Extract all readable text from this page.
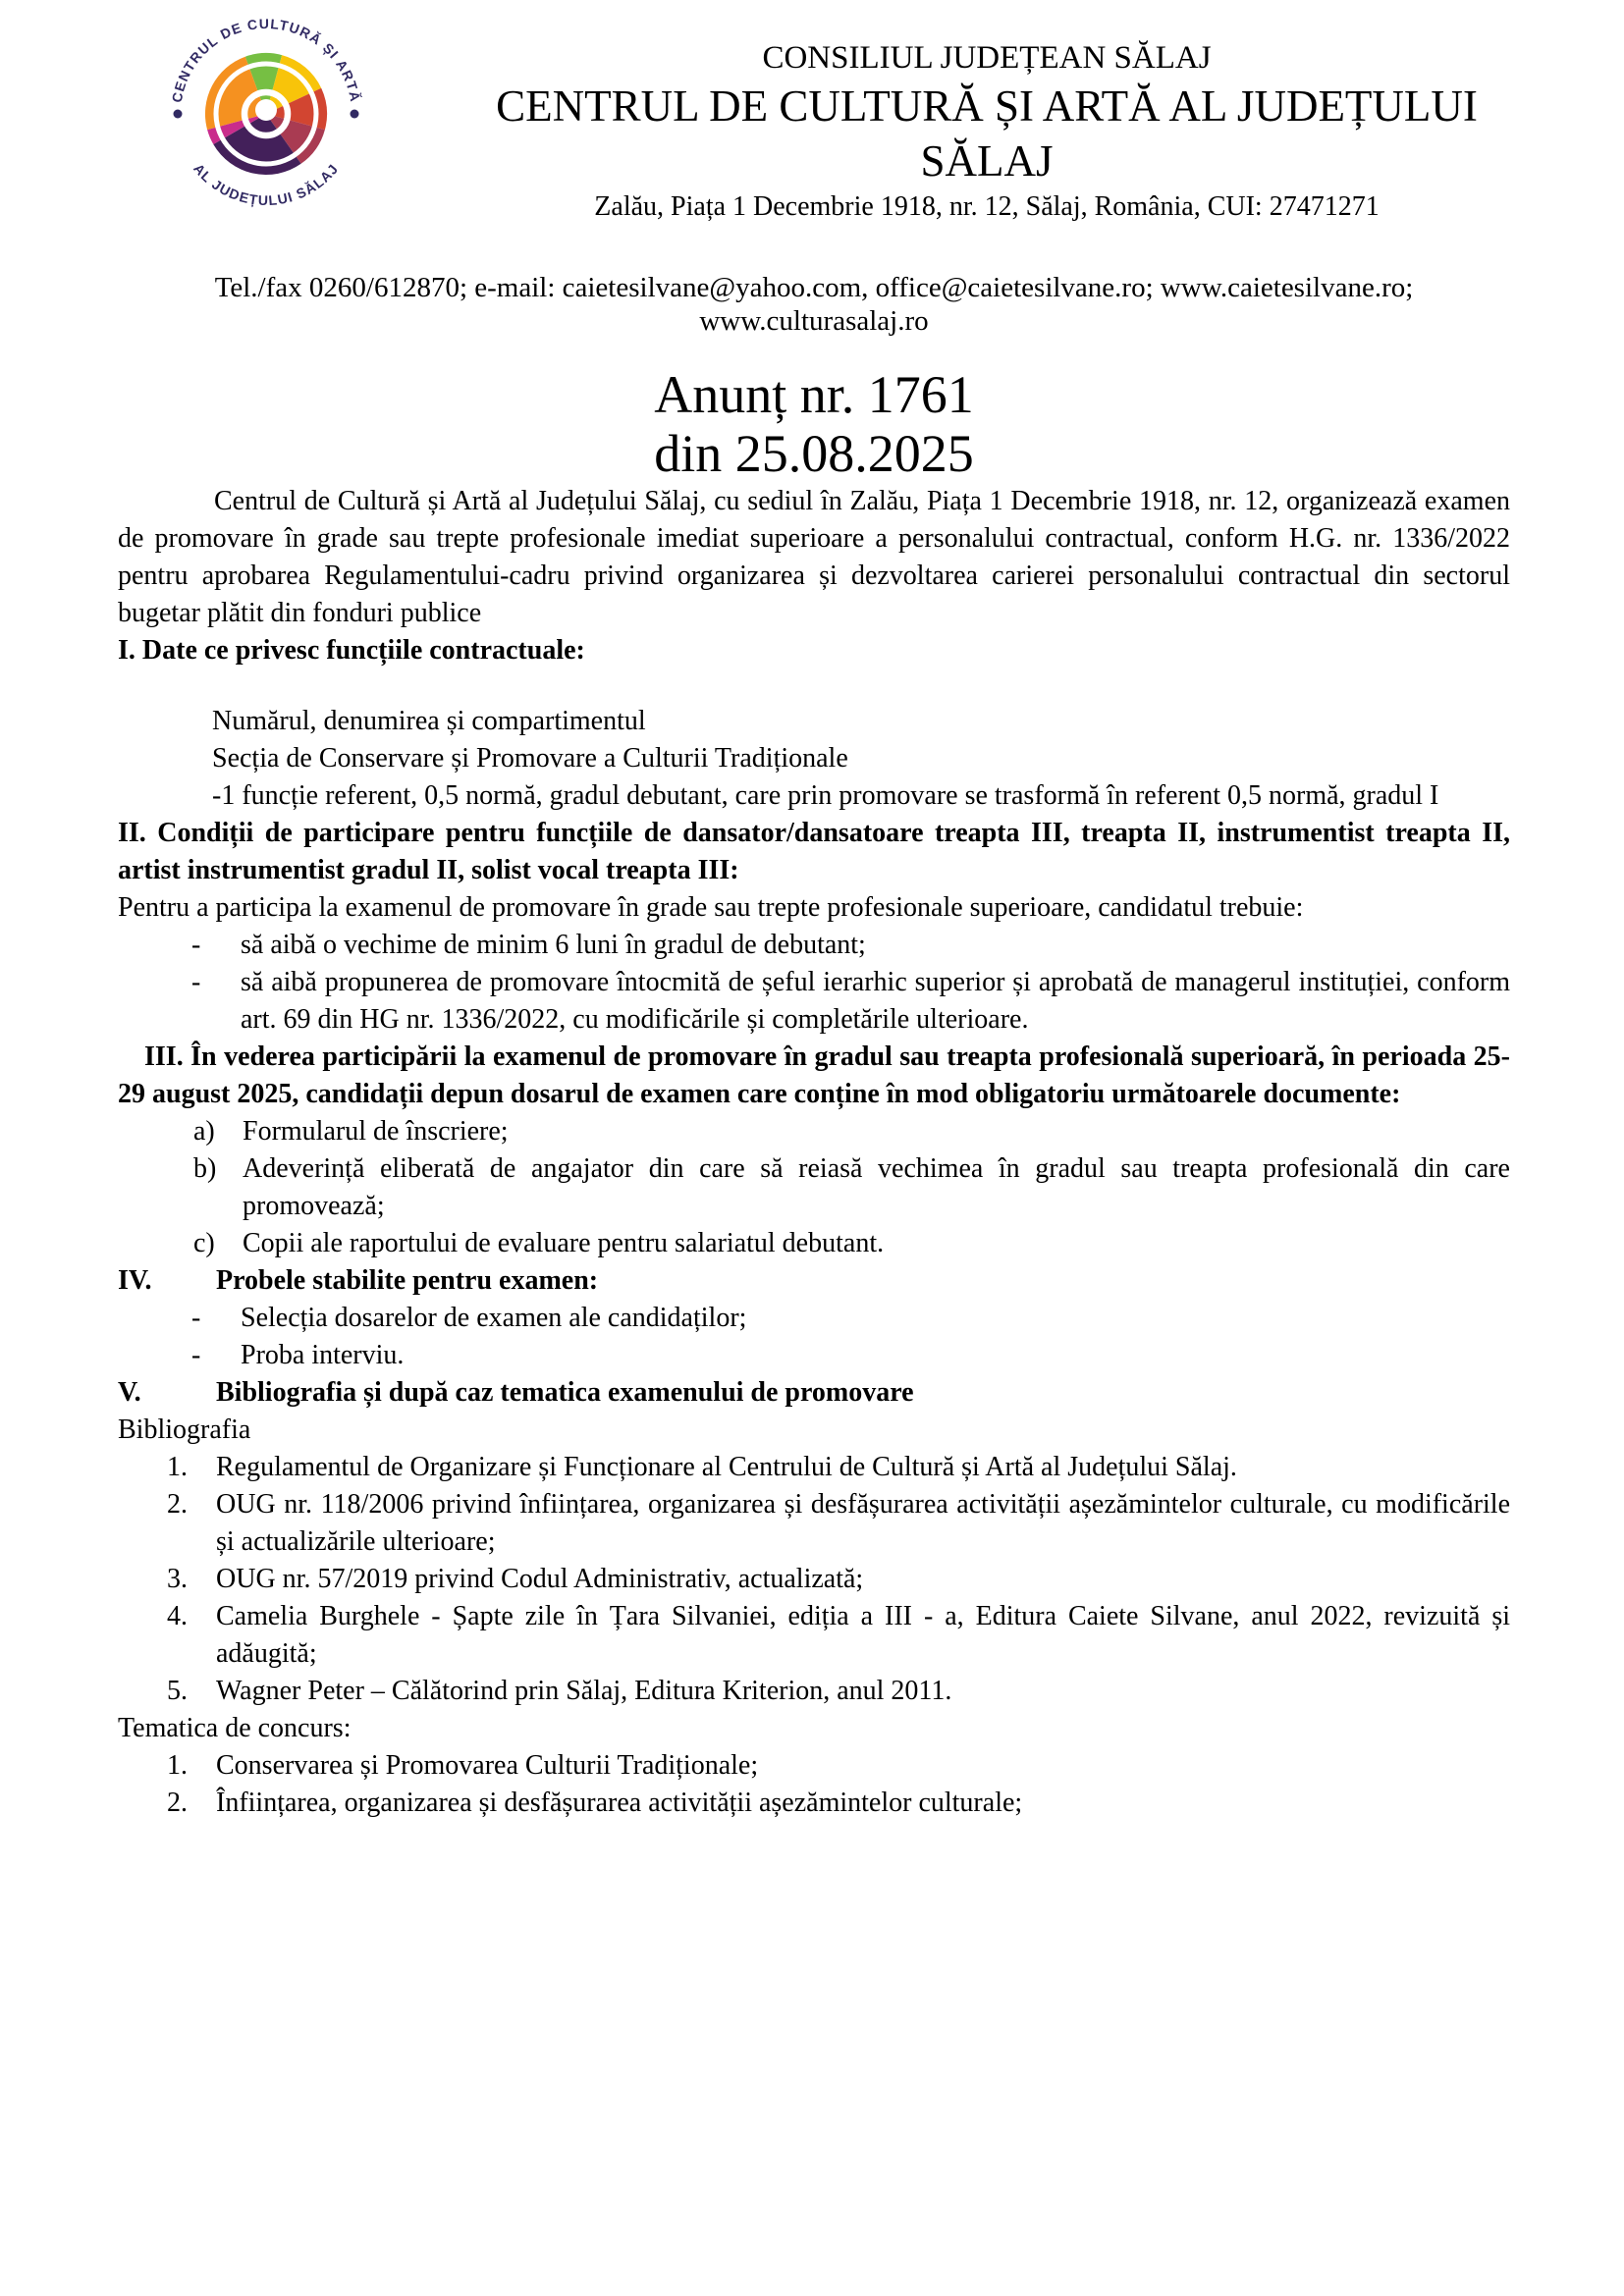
CENTRUL DE CULTURĂ ȘI ARTĂ
AL JUDEȚULUI SĂLAJ
CONSILIUL JUDEȚEAN SĂLAJ
CENTRUL DE CULTURĂ ȘI ARTĂ AL JUDEȚULUI SĂLAJ
Zalău, Piața 1 Decembrie 1918, nr. 12, Sălaj, România, CUI: 27471271
Tel./fax 0260/612870; e-mail: caietesilvane@yahoo.com, office@caietesilvane.ro; www.caietesilvane.ro; www.culturasalaj.ro
Anunț nr. 1761
din 25.08.2025

Centrul de Cultură și Artă al Județului Sălaj, cu sediul în Zalău, Piața 1 Decembrie 1918, nr. 12, organizează examen de promovare în grade sau trepte profesionale imediat superioare a personalului contractual, conform H.G. nr. 1336/2022 pentru aprobarea Regulamentului-cadru privind organizarea și dezvoltarea carierei personalului contractual din sectorul bugetar plătit din fonduri publice

I. Date ce privesc funcțiile contractuale:

Numărul, denumirea și compartimentul

Secția de Conservare și Promovare a Culturii Tradiționale

-1 funcție referent, 0,5 normă, gradul debutant, care prin promovare se trasformă în referent 0,5 normă, gradul I

II. Condiții de participare pentru funcțiile de dansator/dansatoare treapta III, treapta II, instrumentist treapta II, artist instrumentist gradul II, solist vocal treapta III:

Pentru a participa la examenul de promovare în grade sau trepte profesionale superioare, candidatul trebuie:

- să aibă o vechime de minim 6 luni în gradul de debutant;

- să aibă propunerea de promovare întocmită de șeful ierarhic superior și aprobată de managerul instituției, conform art. 69 din HG nr. 1336/2022, cu modificările și completările ulterioare.

III. În vederea participării la examenul de promovare în gradul sau treapta profesională superioară, în perioada 25-29 august 2025, candidații depun dosarul de examen care conține în mod obligatoriu următoarele documente:

a) Formularul de înscriere;

b) Adeverință eliberată de angajator din care să reiasă vechimea în gradul sau treapta profesională din care promovează;

c) Copii ale raportului de evaluare pentru salariatul debutant.

IV. Probele stabilite pentru examen:

- Selecția dosarelor de examen ale candidaților;

- Proba interviu.

V.	Bibliografia și după caz tematica examenului de promovare

Bibliografia

1. Regulamentul de Organizare și Funcționare al Centrului de Cultură și Artă al Județului Sălaj.

2. OUG nr. 118/2006 privind înființarea, organizarea și desfășurarea activității așezămintelor culturale, cu modificările și actualizările ulterioare;

3. OUG nr. 57/2019 privind Codul Administrativ, actualizată;

4. Camelia Burghele - Șapte zile în Țara Silvaniei, ediția a III - a, Editura Caiete Silvane, anul 2022, revizuită și adăugită;

5. Wagner Peter – Călătorind prin Sălaj, Editura Kriterion, anul 2011.

Tematica de concurs:

1. Conservarea și Promovarea Culturii Tradiționale;

2. Înființarea, organizarea și desfășurarea activității așezămintelor culturale;
